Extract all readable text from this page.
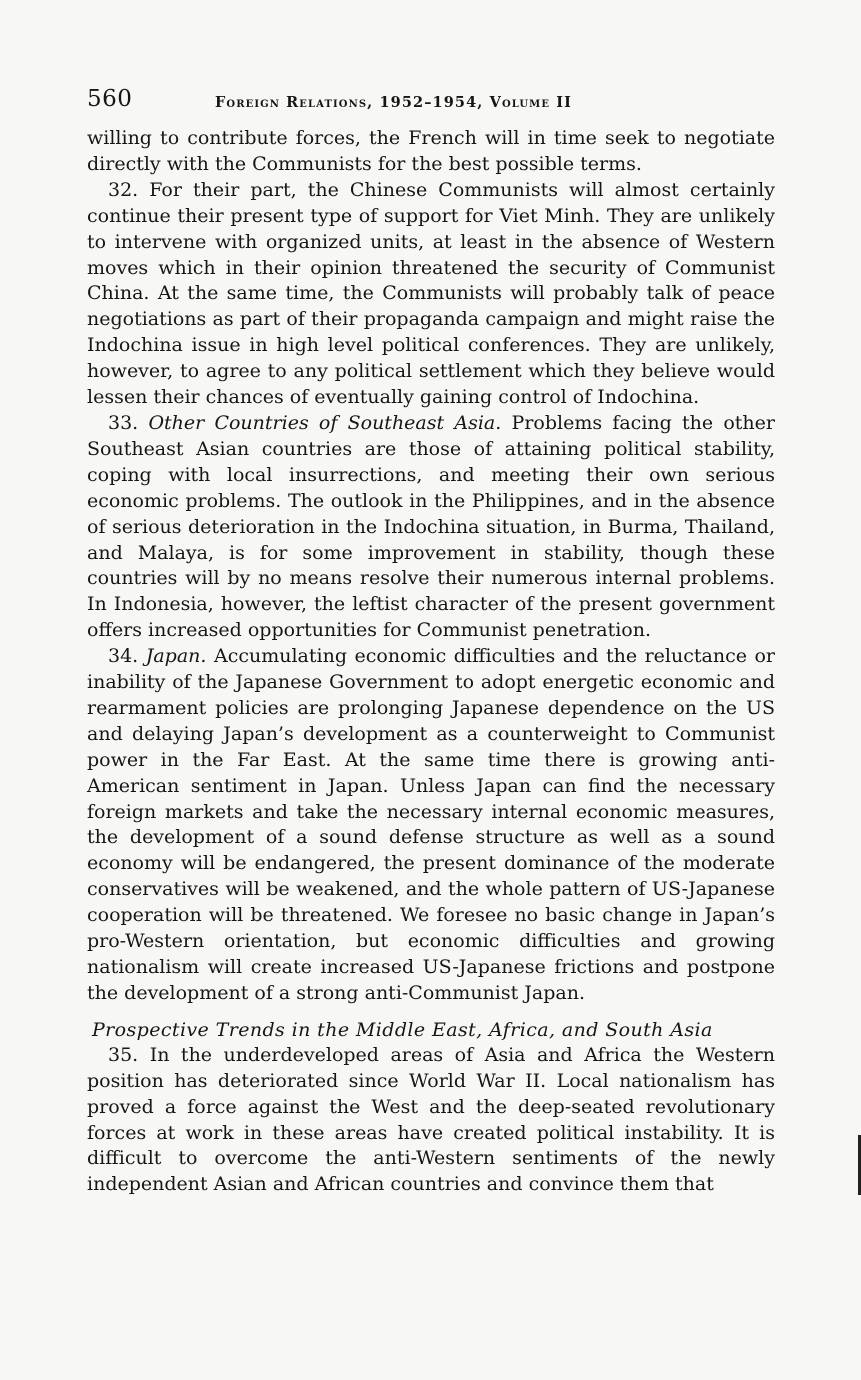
560	Foreign Relations, 1952–1954, Volume II

willing to contribute forces, the French will in time seek to negotiate directly with the Communists for the best possible terms.

32. For their part, the Chinese Communists will almost certainly continue their present type of support for Viet Minh. They are unlikely to intervene with organized units, at least in the absence of Western moves which in their opinion threatened the security of Communist China. At the same time, the Communists will probably talk of peace negotiations as part of their propaganda campaign and might raise the Indochina issue in high level political conferences. They are unlikely, however, to agree to any political settlement which they believe would lessen their chances of eventually gaining control of Indochina.

33. Other Countries of Southeast Asia. Problems facing the other Southeast Asian countries are those of attaining political stability, coping with local insurrections, and meeting their own serious economic problems. The outlook in the Philippines, and in the absence of serious deterioration in the Indochina situation, in Burma, Thailand, and Malaya, is for some improvement in stability, though these countries will by no means resolve their numerous internal problems. In Indonesia, however, the leftist character of the present government offers increased opportunities for Communist penetration.

34. Japan. Accumulating economic difficulties and the reluctance or inability of the Japanese Government to adopt energetic economic and rearmament policies are prolonging Japanese dependence on the US and delaying Japan’s development as a counterweight to Communist power in the Far East. At the same time there is growing anti-American sentiment in Japan. Unless Japan can find the necessary foreign markets and take the necessary internal economic measures, the development of a sound defense structure as well as a sound economy will be endangered, the present dominance of the moderate conservatives will be weakened, and the whole pattern of US-Japanese cooperation will be threatened. We foresee no basic change in Japan’s pro-Western orientation, but economic difficulties and growing nationalism will create increased US-Japanese frictions and postpone the development of a strong anti-Communist Japan.

Prospective Trends in the Middle East, Africa, and South Asia

35. In the underdeveloped areas of Asia and Africa the Western position has deteriorated since World War II. Local nationalism has proved a force against the West and the deep-seated revolutionary forces at work in these areas have created political instability. It is difficult to overcome the anti-Western sentiments of the newly independent Asian and African countries and convince them that
